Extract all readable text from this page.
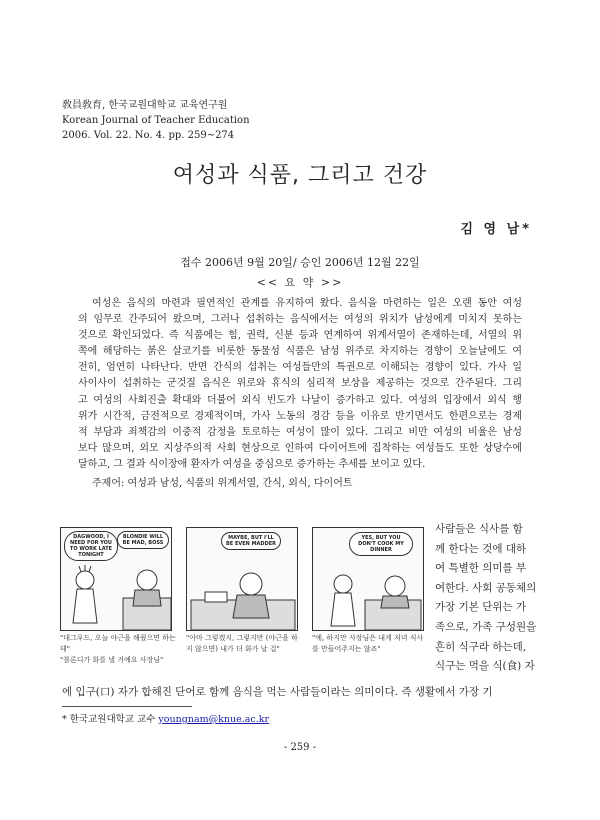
敎員敎育, 한국교원대학교 교육연구원
Korean Journal of Teacher Education
2006. Vol. 22. No. 4. pp. 259∼274
여성과 식품, 그리고 건강
김 영 남*
접수 2006년 9월 20일/ 승인 2006년 12월 22일
<< 요 약 >>
여성은 음식의 마련과 필연적인 관계를 유지하여 왔다. 음식을 마련하는 일은 오랜 동안 여성
의 임무로 간주되어 왔으며, 그러나 섭취하는 음식에서는 여성의 위치가 남성에게 미치지 못하는
것으로 확인되었다. 즉 식품에는 힘, 권력, 신분 등과 연계하여 위계서열이 존재하는데, 서열의 위
쪽에 해당하는 붉은 살코기를 비롯한 동물성 식품은 남성 위주로 차지하는 경향이 오늘날에도 여
전히, 엄연히 나타난다. 반면 간식의 섭취는 여성들만의 특권으로 이해되는 경향이 있다. 가사 일
사이사이 섭취하는 군것질 음식은 위로와 휴식의 심리적 보상을 제공하는 것으로 간주된다. 그리
고 여성의 사회진출 확대와 더불어 외식 빈도가 나날이 증가하고 있다. 여성의 입장에서 외식 행
위가 시간적, 금전적으로 경제적이며, 가사 노동의 경감 등을 이유로 반기면서도 한편으로는 경제
적 부담과 죄책감의 이중적 감정을 토로하는 여성이 많이 있다. 그리고 비만 여성의 비율은 남성
보다 많으며, 외모 지상주의적 사회 현상으로 인하여 다이어트에 집착하는 여성들도 또한 상당수에
달하고, 그 결과 식이장애 환자가 여성을 중심으로 증가하는 추세를 보이고 있다.
주제어: 여성과 남성, 식품의 위계서열, 간식, 외식, 다이어트
DAGWOOD, I NEED FOR YOU TO WORK LATE TONIGHT
BLONDIE WILL BE MAD, BOSS
MAYBE, BUT I'LL BE EVEN MADDER
YES, BUT YOU DON'T COOK MY DINNER
"대그우드, 오늘 야근을 해줬으면 하는데"
"블론디가 화를 낼 거예요 사장님"
"아마 그렇겠지, 그렇지만 (야근을 하지 않으면) 내가 더 화가 날 걸"
"예, 하지만 사장님은 내게 저녁 식사를 만들어주지는 않죠"
사람들은 식사를 함
께 한다는 것에 대하
여 특별한 의미를 부
여한다. 사회 공동체의
가장 기본 단위는 가
족으로, 가족 구성원을
흔히 식구라 하는데,
식구는 먹을 식(食) 자
에 입구(口) 자가 합해진 단어로 함께 음식을 먹는 사람들이라는 의미이다. 즉 생활에서 가장 기
* 한국교원대학교 교수 youngnam@knue.ac.kr
- 259 -
